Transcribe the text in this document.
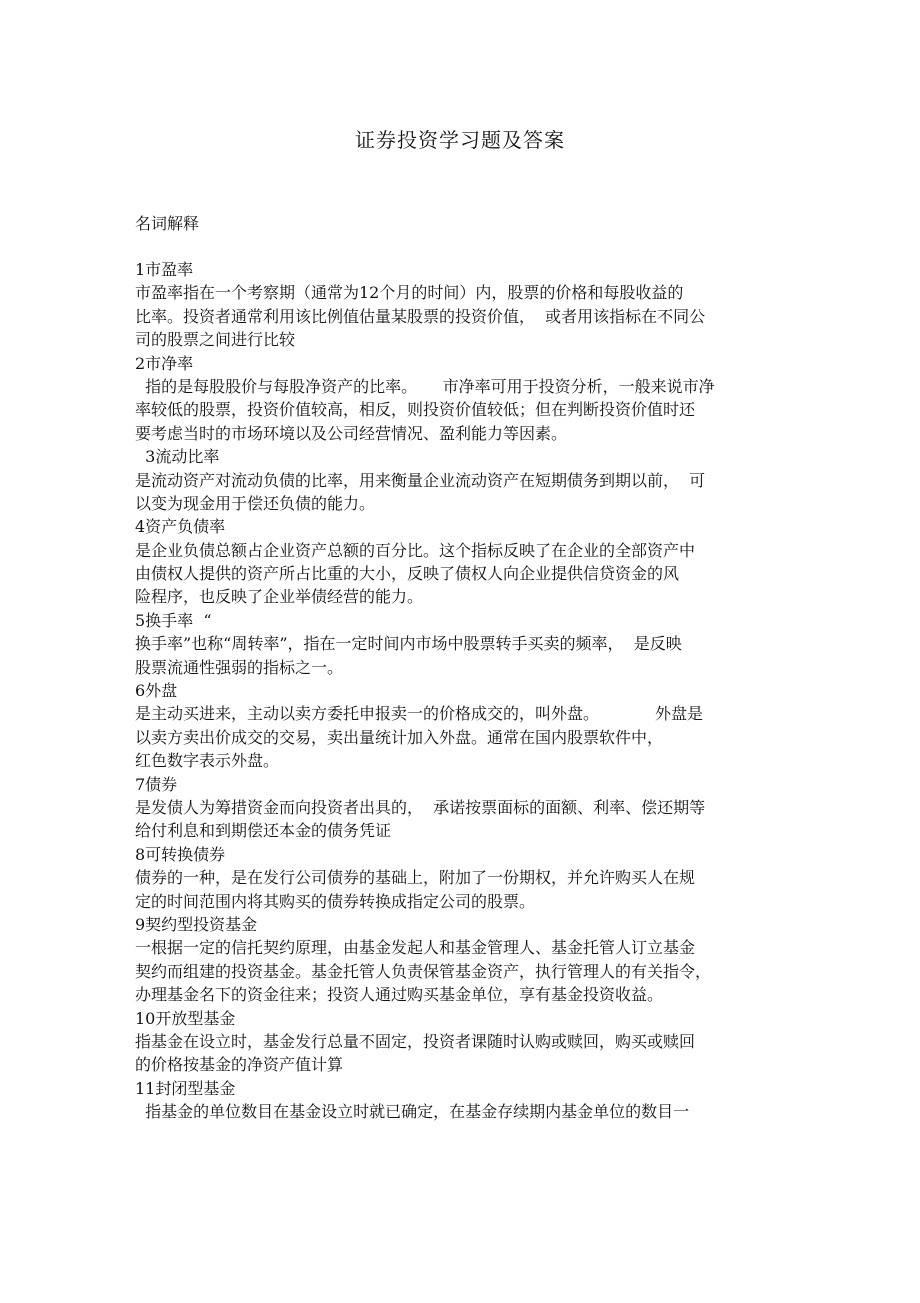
证券投资学习题及答案
名词解释
1市盈率
市盈率指在一个考察期（通常为12个月的时间）内，股票的价格和每股收益的
比率。投资者通常利用该比例值估量某股票的投资价值，  或者用该指标在不同公
司的股票之间进行比较
2市净率
指的是每股股价与每股净资产的比率。     市净率可用于投资分析，一般来说市净
率较低的股票，投资价值较高，相反，则投资价值较低；但在判断投资价值时还
要考虑当时的市场环境以及公司经营情况、盈利能力等因素。
3流动比率
是流动资产对流动负债的比率，用来衡量企业流动资产在短期债务到期以前，  可
以变为现金用于偿还负债的能力。
4资产负债率
是企业负债总额占企业资产总额的百分比。这个指标反映了在企业的全部资产中
由债权人提供的资产所占比重的大小，反映了债权人向企业提供信贷资金的风
险程序，也反映了企业举债经营的能力。
5换手率  “
换手率”也称“周转率”，指在一定时间内市场中股票转手买卖的频率，  是反映
股票流通性强弱的指标之一。
6外盘
是主动买进来，主动以卖方委托申报卖一的价格成交的，叫外盘。           外盘是
以卖方卖出价成交的交易，卖出量统计加入外盘。通常在国内股票软件中，
红色数字表示外盘。
7债券
是发债人为筹措资金而向投资者出具的，  承诺按票面标的面额、利率、偿还期等
给付利息和到期偿还本金的债务凭证
8可转换债券
债券的一种，是在发行公司债券的基础上，附加了一份期权，并允许购买人在规
定的时间范围内将其购买的债券转换成指定公司的股票。
9契约型投资基金
一根据一定的信托契约原理，由基金发起人和基金管理人、基金托管人订立基金
契约而组建的投资基金。基金托管人负责保管基金资产，执行管理人的有关指令，
办理基金名下的资金往来；投资人通过购买基金单位，享有基金投资收益。
10开放型基金
指基金在设立时，基金发行总量不固定，投资者课随时认购或赎回，购买或赎回
的价格按基金的净资产值计算
11封闭型基金
指基金的单位数目在基金设立时就已确定，在基金存续期内基金单位的数目一
